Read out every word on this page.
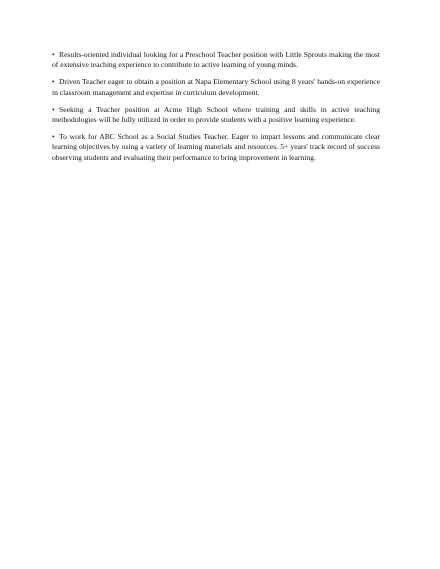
• Results-oriented individual looking for a Preschool Teacher position with Little Sprouts making the most of extensive teaching experience to contribute to active learning of young minds.
• Driven Teacher eager to obtain a position at Napa Elementary School using 8 years' hands-on experience in classroom management and expertise in curriculum development.
• Seeking a Teacher position at Acme High School where training and skills in active teaching methodologies will be fully utilized in order to provide students with a positive learning experience.
• To work for ABC School as a Social Studies Teacher. Eager to impart lessons and communicate clear learning objectives by using a variety of learning materials and resources. 5+ years' track record of success observing students and evaluating their performance to bring improvement in learning.
